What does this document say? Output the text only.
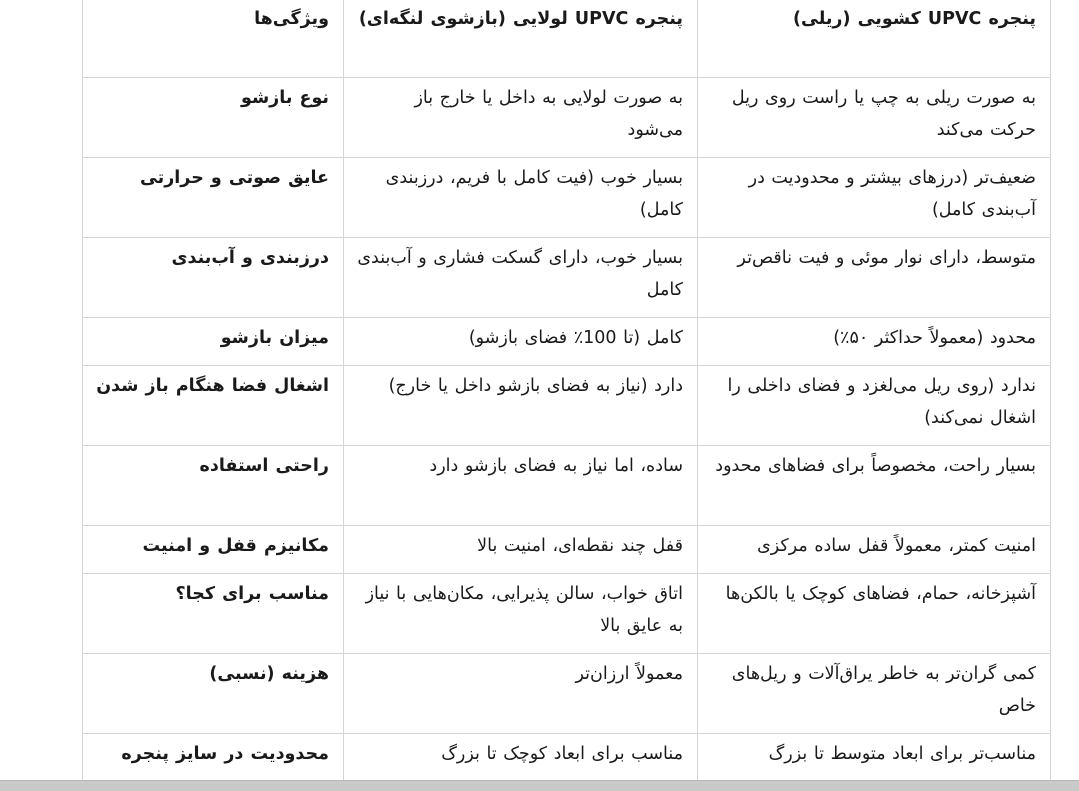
پنجره UPVC کشویی (ریلی)	پنجره UPVC لولایی (بازشوی لنگه‌ای)	ویژگی‌ها
به صورت ریلی به چپ یا راست روی ریل حرکت می‌کند	به صورت لولایی به داخل یا خارج باز می‌شود	نوع بازشو
ضعیف‌تر (درزهای بیشتر و محدودیت در آب‌بندی کامل)	بسیار خوب (فیت کامل با فریم، درزبندی کامل)	عایق صوتی و حرارتی
متوسط، دارای نوار موئی و فیت ناقص‌تر	بسیار خوب، دارای گسکت فشاری و آب‌بندی کامل	درزبندی و آب‌بندی
محدود (معمولاً حداکثر ۵۰٪)	کامل (تا 100٪ فضای بازشو)	میزان بازشو
ندارد (روی ریل می‌لغزد و فضای داخلی را اشغال نمی‌کند)	دارد (نیاز به فضای بازشو داخل یا خارج)	اشغال فضا هنگام باز شدن
بسیار راحت، مخصوصاً برای فضاهای محدود	ساده، اما نیاز به فضای بازشو دارد	راحتی استفاده
امنیت کمتر، معمولاً قفل ساده مرکزی	قفل چند نقطه‌ای، امنیت بالا	مکانیزم قفل و امنیت
آشپزخانه، حمام، فضاهای کوچک یا بالکن‌ها	اتاق خواب، سالن پذیرایی، مکان‌هایی با نیاز به عایق بالا	مناسب برای کجا؟
کمی گران‌تر به خاطر یراق‌آلات و ریل‌های خاص	معمولاً ارزان‌تر	هزینه (نسبی)
مناسب‌تر برای ابعاد متوسط تا بزرگ	مناسب برای ابعاد کوچک تا بزرگ	محدودیت در سایز پنجره
